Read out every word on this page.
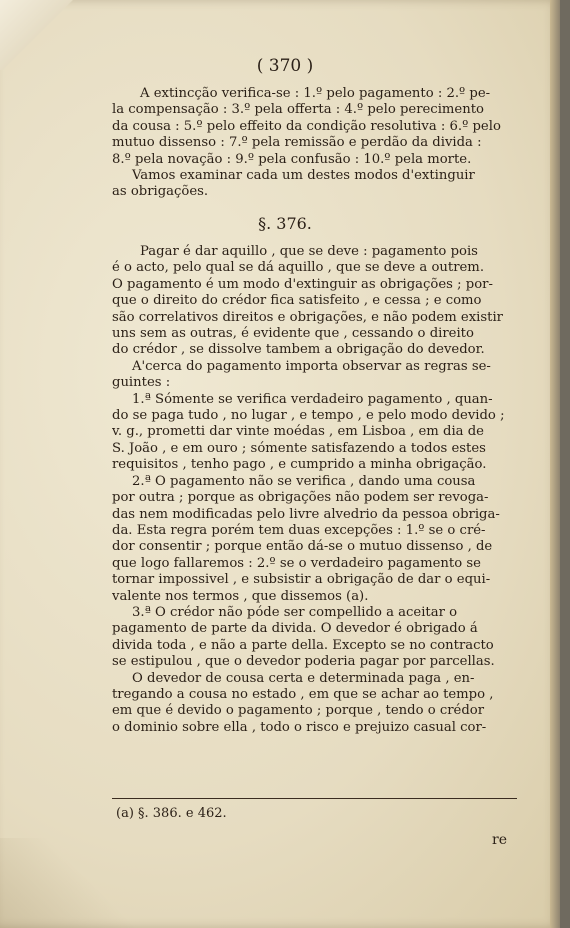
( 370 )
A extincção verifica-se : 1.º pelo pagamento : 2.º pe-
la compensação : 3.º pela offerta : 4.º pelo perecimento
da cousa : 5.º pelo effeito da condição resolutiva : 6.º pelo
mutuo dissenso : 7.º pela remissão e perdão da divida :
8.º pela novação : 9.º pela confusão : 10.º pela morte.
Vamos examinar cada um destes modos d'extinguir
as obrigações.
§. 376.
Pagar é dar aquillo , que se deve : pagamento pois
é o acto, pelo qual se dá aquillo , que se deve a outrem.
O pagamento é um modo d'extinguir as obrigações ; por-
que o direito do crédor fica satisfeito , e cessa ; e como
são correlativos direitos e obrigações, e não podem existir
uns sem as outras, é evidente que , cessando o direito
do crédor , se dissolve tambem a obrigação do devedor.
A'cerca do pagamento importa observar as regras se-
guintes :
1.ª Sómente se verifica verdadeiro pagamento , quan-
do se paga tudo , no lugar , e tempo , e pelo modo devido ;
v. g., prometti dar vinte moédas , em Lisboa , em dia de
S. João , e em ouro ; sómente satisfazendo a todos estes
requisitos , tenho pago , e cumprido a minha obrigação.
2.ª O pagamento não se verifica , dando uma cousa
por outra ; porque as obrigações não podem ser revoga-
das nem modificadas pelo livre alvedrio da pessoa obriga-
da. Esta regra porém tem duas excepções : 1.º se o cré-
dor consentir ; porque então dá-se o mutuo dissenso , de
que logo fallaremos : 2.º se o verdadeiro pagamento se
tornar impossivel , e subsistir a obrigação de dar o equi-
valente nos termos , que dissemos (a).
3.ª O crédor não póde ser compellido a aceitar o
pagamento de parte da divida. O devedor é obrigado á
divida toda , e não a parte della. Excepto se no contracto
se estipulou , que o devedor poderia pagar por parcellas.
O devedor de cousa certa e determinada paga , en-
tregando a cousa no estado , em que se achar ao tempo ,
em que é devido o pagamento ; porque , tendo o crédor
o dominio sobre ella , todo o risco e prejuizo casual cor-
(a) §. 386. e 462.
re
